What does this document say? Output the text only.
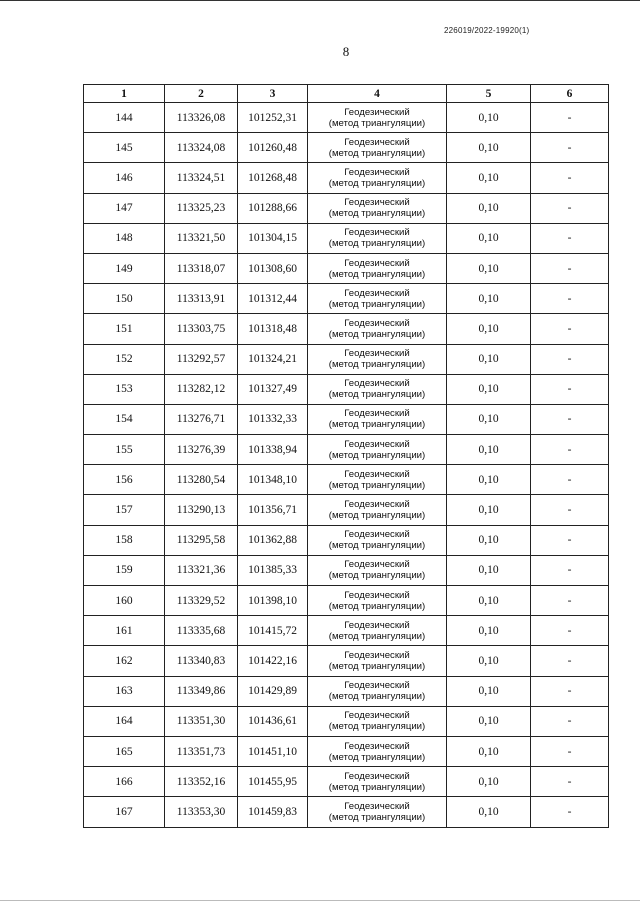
226019/2022-19920(1)
8
1	2	3	4	5	6
144	113326,08	101252,31	Геодезический
(метод триангуляции)	0,10	-
145	113324,08	101260,48	Геодезический
(метод триангуляции)	0,10	-
146	113324,51	101268,48	Геодезический
(метод триангуляции)	0,10	-
147	113325,23	101288,66	Геодезический
(метод триангуляции)	0,10	-
148	113321,50	101304,15	Геодезический
(метод триангуляции)	0,10	-
149	113318,07	101308,60	Геодезический
(метод триангуляции)	0,10	-
150	113313,91	101312,44	Геодезический
(метод триангуляции)	0,10	-
151	113303,75	101318,48	Геодезический
(метод триангуляции)	0,10	-
152	113292,57	101324,21	Геодезический
(метод триангуляции)	0,10	-
153	113282,12	101327,49	Геодезический
(метод триангуляции)	0,10	-
154	113276,71	101332,33	Геодезический
(метод триангуляции)	0,10	-
155	113276,39	101338,94	Геодезический
(метод триангуляции)	0,10	-
156	113280,54	101348,10	Геодезический
(метод триангуляции)	0,10	-
157	113290,13	101356,71	Геодезический
(метод триангуляции)	0,10	-
158	113295,58	101362,88	Геодезический
(метод триангуляции)	0,10	-
159	113321,36	101385,33	Геодезический
(метод триангуляции)	0,10	-
160	113329,52	101398,10	Геодезический
(метод триангуляции)	0,10	-
161	113335,68	101415,72	Геодезический
(метод триангуляции)	0,10	-
162	113340,83	101422,16	Геодезический
(метод триангуляции)	0,10	-
163	113349,86	101429,89	Геодезический
(метод триангуляции)	0,10	-
164	113351,30	101436,61	Геодезический
(метод триангуляции)	0,10	-
165	113351,73	101451,10	Геодезический
(метод триангуляции)	0,10	-
166	113352,16	101455,95	Геодезический
(метод триангуляции)	0,10	-
167	113353,30	101459,83	Геодезический
(метод триангуляции)	0,10	-
